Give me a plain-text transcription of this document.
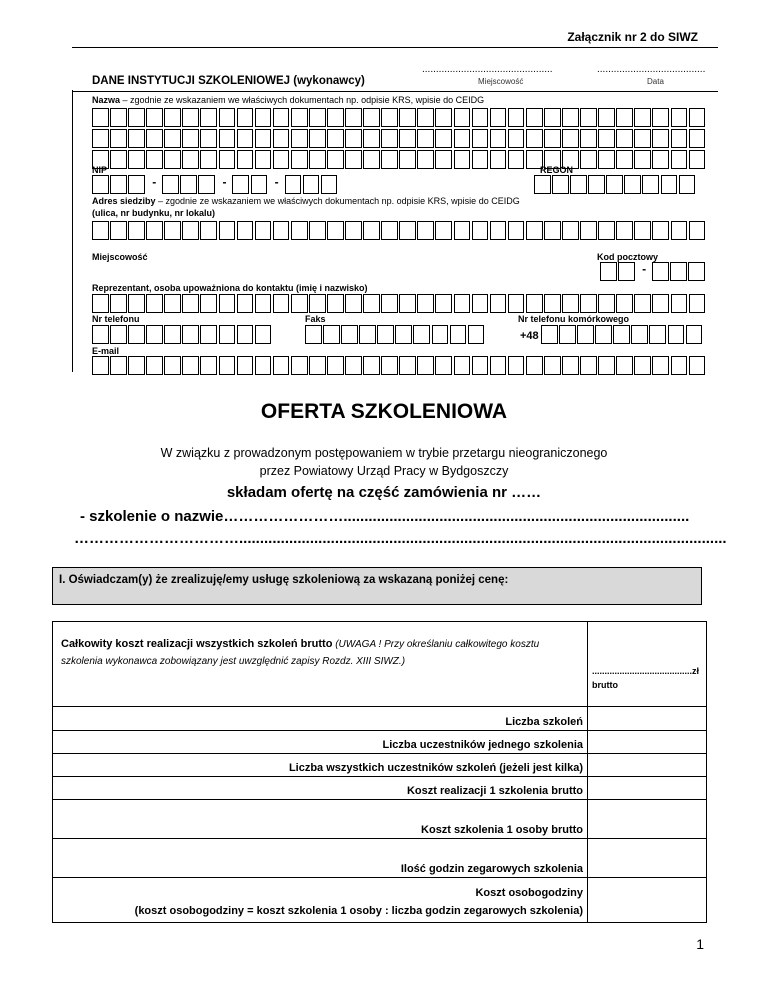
Załącznik nr 2 do SIWZ
DANE INSTYTUCJI SZKOLENIOWEJ (wykonawcy)
...............................................
Miejscowość
.......................................
Data
Nazwa – zgodnie ze wskazaniem we właściwych dokumentach np. odpisie KRS, wpisie do CEIDG
NIP	REGON
-	-	-
Adres siedziby – zgodnie ze wskazaniem we właściwych dokumentach np. odpisie KRS, wpisie do CEIDG
(ulica, nr budynku, nr lokalu)
Miejscowość	Kod pocztowy
-
Reprezentant, osoba upoważniona do kontaktu (imię i nazwisko)
Nr telefonu	Faks	Nr telefonu komórkowego
+48
E-mail
OFERTA SZKOLENIOWA
W związku z prowadzonym postępowaniem w trybie przetargu nieograniczonego
przez Powiatowy Urząd Pracy w Bydgoszczy
składam ofertę na część zamówienia nr ……
- szkolenie o nazwie……………………...................................................................................
…………………………….....................................................................................................................
I. Oświadczam(y) że zrealizuję/emy usługę szkoleniową za wskazaną poniżej cenę:
Całkowity koszt realizacji wszystkich szkoleń brutto (UWAGA ! Przy określaniu całkowitego kosztu szkolenia wykonawca zobowiązany jest uwzględnić zapisy Rozdz. XIII SIWZ.)	........................................zł
brutto

Liczba szkoleń	
Liczba uczestników jednego szkolenia	
Liczba wszystkich uczestników szkoleń (jeżeli jest kilka)	
Koszt realizacji 1 szkolenia brutto	
Koszt szkolenia 1 osoby brutto	
Ilość godzin zegarowych szkolenia	

Koszt osobogodziny
(koszt osobogodziny = koszt szkolenia 1 osoby : liczba godzin zegarowych szkolenia)	

1
